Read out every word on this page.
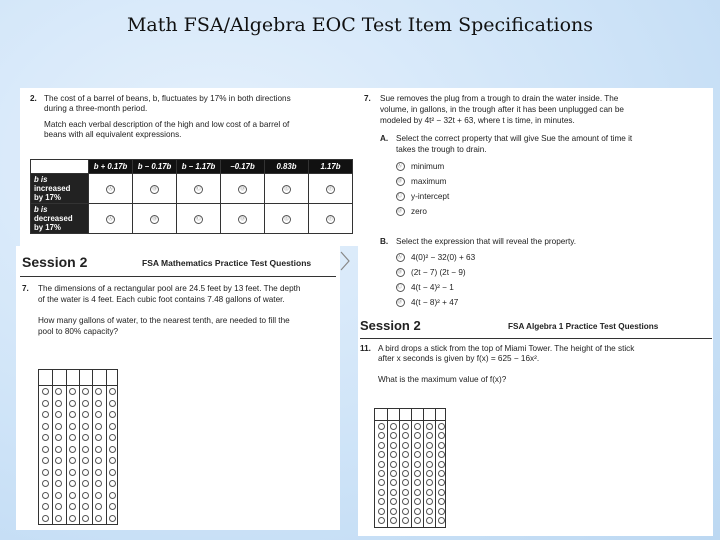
Math FSA/Algebra EOC Test Item Specifications
2. The cost of a barrel of beans, b, fluctuates by 17% in both directions
during a three-month period.
Match each verbal description of the high and low cost of a barrel of
beans with all equivalent expressions.
	b + 0.17b	b − 0.17b	b − 1.17b	−0.17b	0.83b	1.17b
b is
increased
by 17%	Ⓐ	Ⓑ	Ⓒ	Ⓓ	Ⓔ	Ⓕ
b is
decreased
by 17%	Ⓐ	Ⓑ	Ⓒ	Ⓓ	Ⓔ	Ⓕ
7. Sue removes the plug from a trough to drain the water inside. The
volume, in gallons, in the trough after it has been unplugged can be
modeled by 4t² − 32t + 63, where t is time, in minutes.
A. Select the correct property that will give Sue the amount of time it
takes the trough to drain.
Ⓐ minimum
Ⓑ maximum
Ⓒ y-intercept
Ⓓ zero
B. Select the expression that will reveal the property.
Ⓐ 4(0)² − 32(0) + 63
Ⓑ (2t − 7) (2t − 9)
Ⓒ 4(t − 4)² − 1
Ⓓ 4(t − 8)² + 47
Session 2	FSA Mathematics Practice Test Questions
7. The dimensions of a rectangular pool are 24.5 feet by 13 feet. The depth
of the water is 4 feet. Each cubic foot contains 7.48 gallons of water.
How many gallons of water, to the nearest tenth, are needed to fill the
pool to 80% capacity?	Session 2	FSA Algebra 1 Practice Test Questions
11. A bird drops a stick from the top of Miami Tower. The height of the stick
after x seconds is given by f(x) = 625 − 16x².
What is the maximum value of f(x)?
